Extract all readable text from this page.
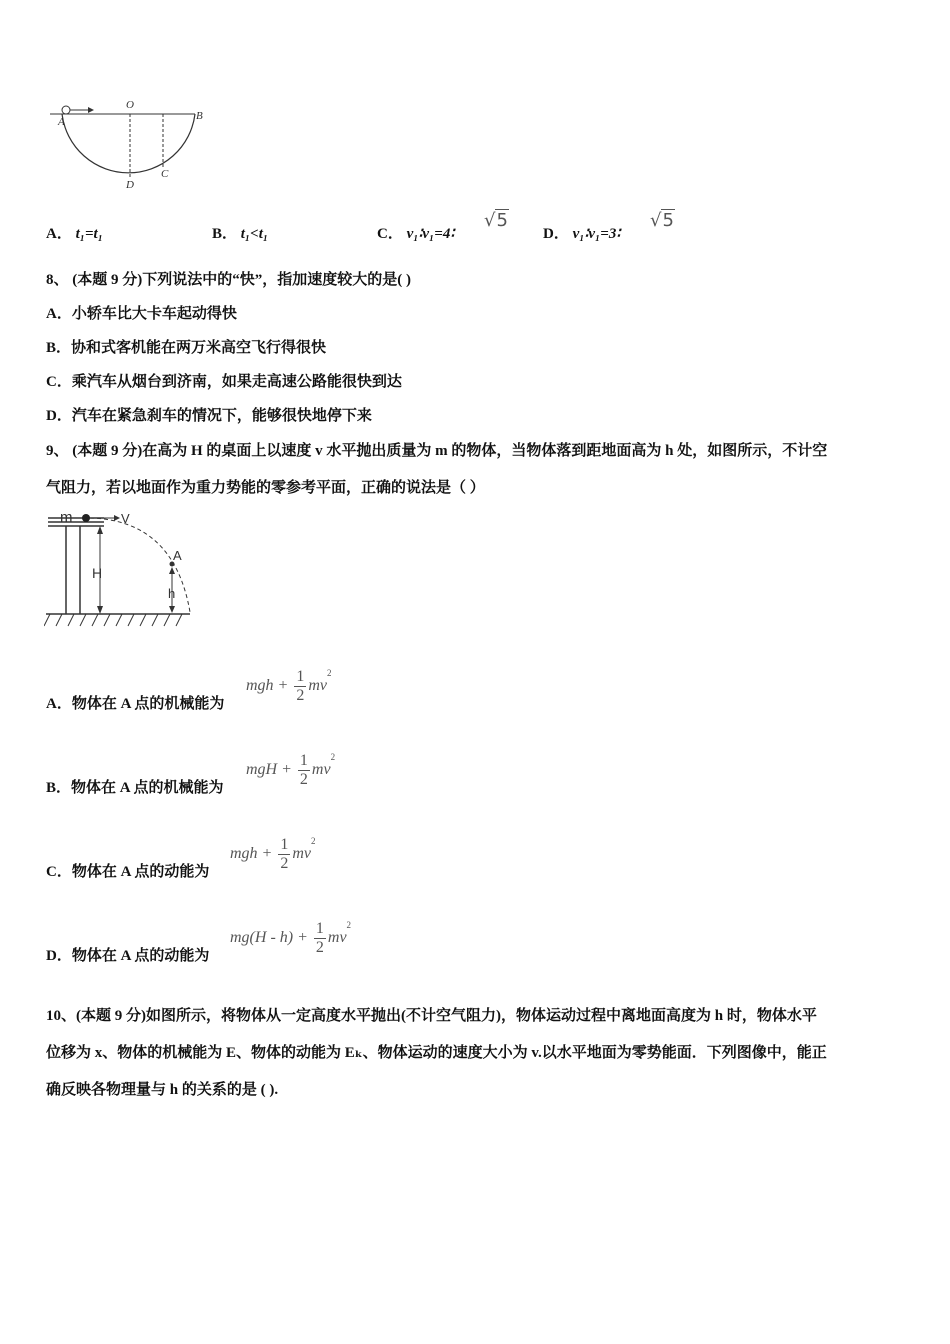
O
A	B
C
D
A． t₁=t₁	B． t₁<t₁	C． v₁∶v₁=4∶
√5
D． v₁∶v₁=3∶
√5
8、 (本题 9 分)下列说法中的“快”，指加速度较大的是( )
A．小轿车比大卡车起动得快
B．协和式客机能在两万米高空飞行得很快
C．乘汽车从烟台到济南，如果走高速公路能很快到达
D．汽车在紧急刹车的情况下，能够很快地停下来
9、 (本题 9 分)在高为 H 的桌面上以速度 v 水平抛出质量为 m 的物体，当物体落到距地面高为 h 处，如图所示，不计空
气阻力，若以地面作为重力势能的零参考平面，正确的说法是（ ）
m	V
A
H
h
A．物体在 A 点的机械能为
mgh + $\frac{1}{2} mv^2$
B．物体在 A 点的机械能为
mgH + $\frac{1}{2} mv^2$
C．物体在 A 点的动能为
mgh + $\frac{1}{2} mv^2$
D．物体在 A 点的动能为
$mg(H - h) + \frac{1}{2} mv^2$
10、(本题 9 分)如图所示，将物体从一定高度水平抛出(不计空气阻力)，物体运动过程中离地面高度为 h 时，物体水平
位移为 x、物体的机械能为 E、物体的动能为 Eₖ、物体运动的速度大小为 v.以水平地面为零势能面．下列图像中，能正
确反映各物理量与 h 的关系的是 ( ).
